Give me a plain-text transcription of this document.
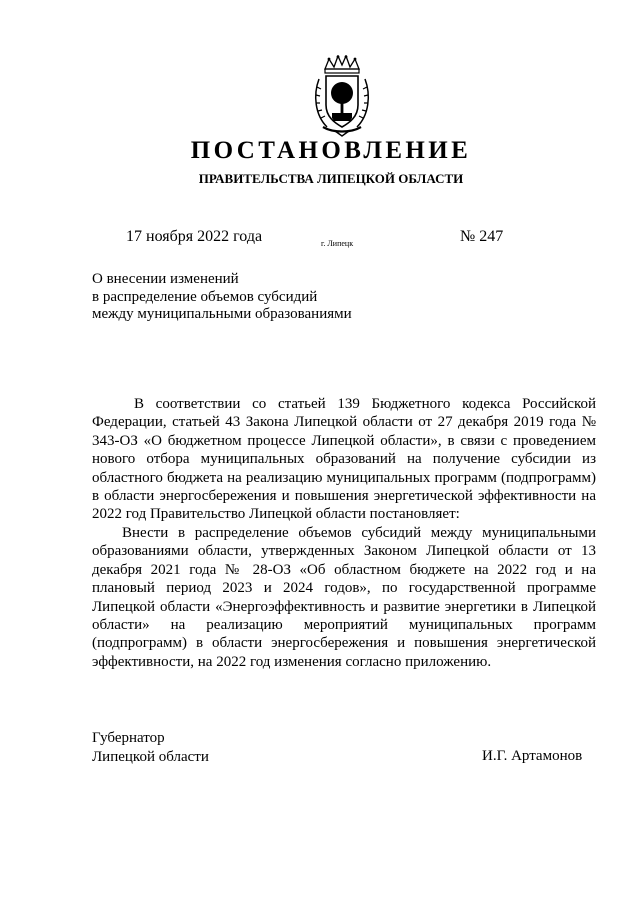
ПОСТАНОВЛЕНИЕ
ПРАВИТЕЛЬСТВА ЛИПЕЦКОЙ ОБЛАСТИ
17 ноября 2022 года	г. Липецк	№ 247
О внесении изменений
в распределение объемов субсидий
между муниципальными образованиями
В соответствии со статьей 139 Бюджетного кодекса Российской Федерации, статьей 43 Закона Липецкой области от 27 декабря 2019 года № 343-ОЗ «О бюджетном процессе Липецкой области», в связи с проведением нового отбора муниципальных образований на получение субсидии из областного бюджета на реализацию муниципальных программ (подпрограмм) в области энергосбережения и повышения энергетической эффективности на 2022 год Правительство Липецкой области постановляет:
Внести в распределение объемов субсидий между муниципальными образованиями области, утвержденных Законом Липецкой области от 13 декабря 2021 года № 28-ОЗ «Об областном бюджете на 2022 год и на плановый период 2023 и 2024 годов», по государственной программе Липецкой области «Энергоэффективность и развитие энергетики в Липецкой области» на реализацию мероприятий муниципальных программ (подпрограмм) в области энергосбережения и повышения энергетической эффективности, на 2022 год изменения согласно приложению.
Губернатор
Липецкой области	И.Г. Артамонов
